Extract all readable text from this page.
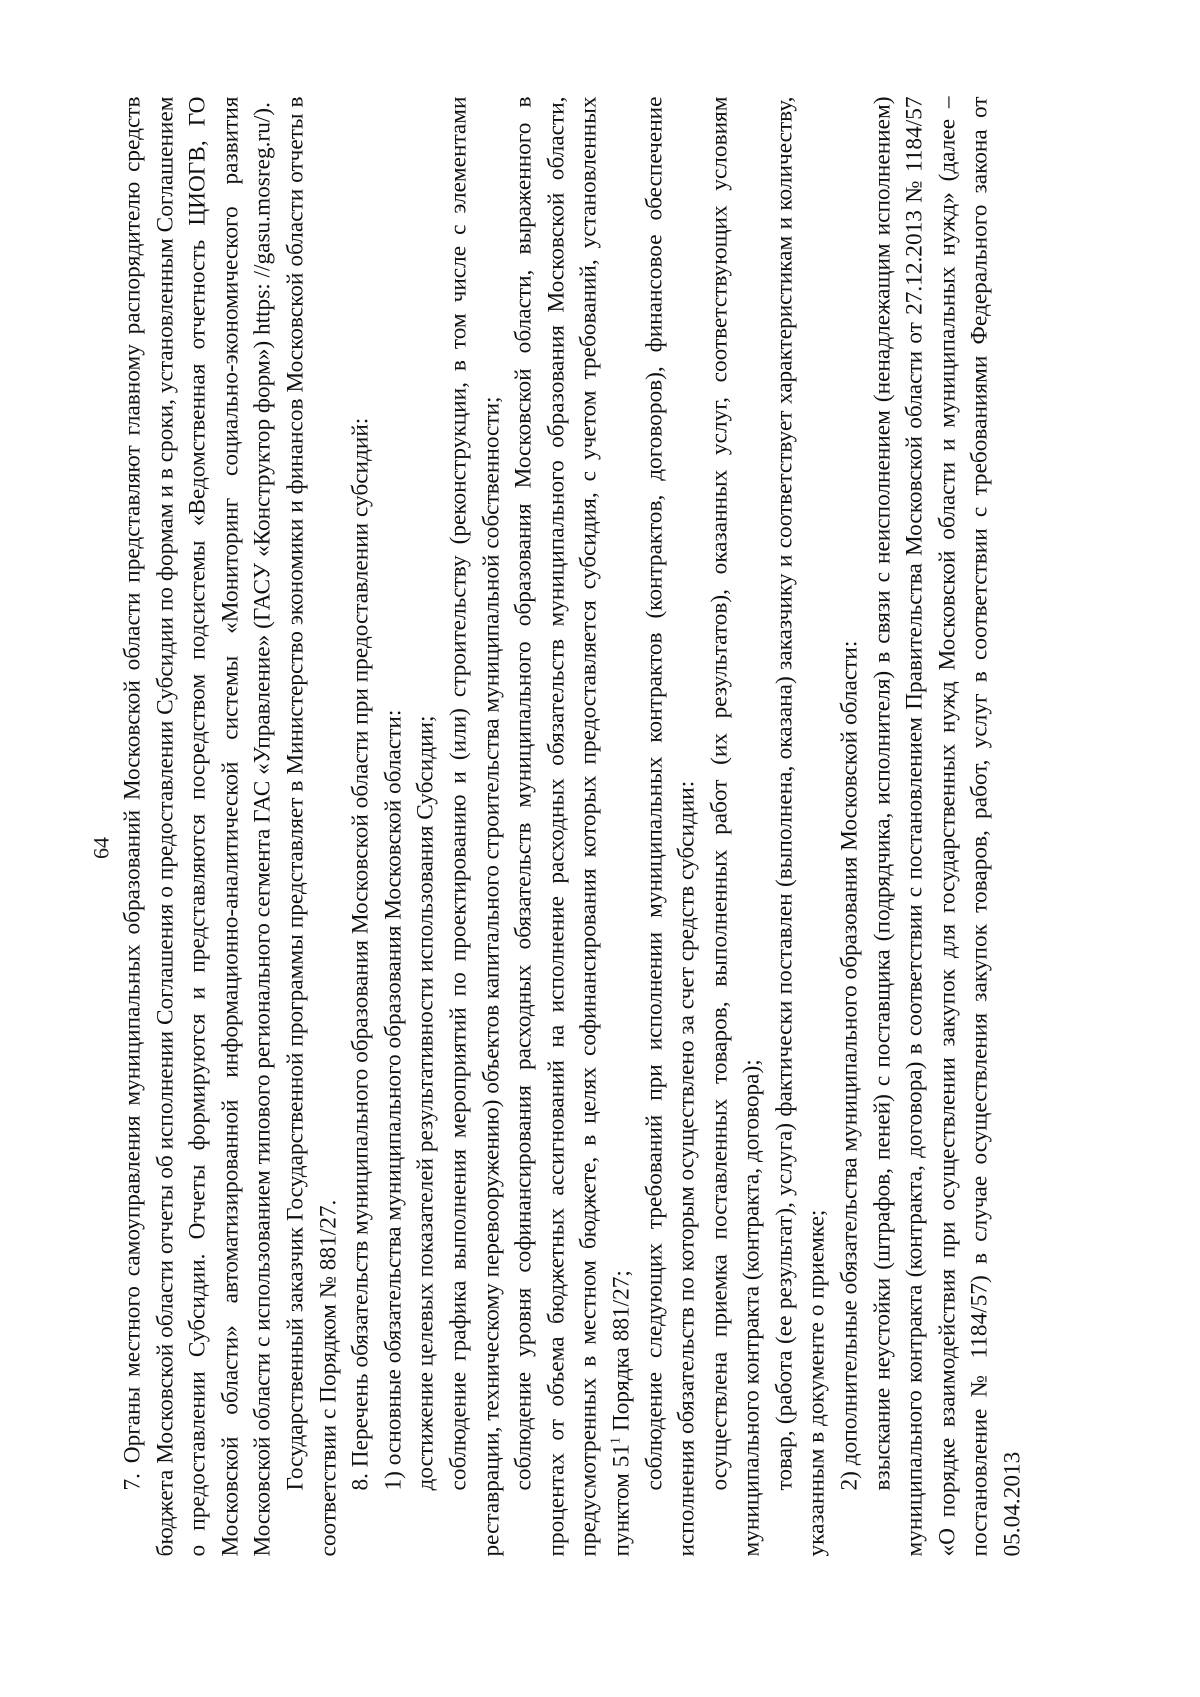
64 7. Органы местного самоуправления муниципальных образований Московской области представляют главному распорядителю средств бюджета Московской области отчеты об исполнении Соглашения о предоставлении Субсидии по формам и в сроки, установленным Соглашением о предоставлении Субсидии. Отчеты формируются и представляются посредством подсистемы «Ведомственная отчетность ЦИОГВ, ГО Московской области» автоматизированной информационно-аналитической системы «Мониторинг социально-экономического развития Московской области с использованием типового регионального сегмента ГАС «Управление» (ГАСУ «Конструктор форм») https: //gasu.mosreg.ru/). Государственный заказчик Государственной программы представляет в Министерство экономики и финансов Московской области отчеты в соответствии с Порядком № 881/27. 8. Перечень обязательств муниципального образования Московской области при предоставлении субсидий: 1) основные обязательства муниципального образования Московской области: достижение целевых показателей результативности использования Субсидии; соблюдение графика выполнения мероприятий по проектированию и (или) строительству (реконструкции, в том числе с элементами реставрации, техническому перевооружению) объектов капитального строительства муниципальной собственности; соблюдение уровня софинансирования расходных обязательств муниципального образования Московской области, выраженного в процентах от объема бюджетных ассигнований на исполнение расходных обязательств муниципального образования Московской области, предусмотренных в местном бюджете, в целях софинансирования которых предоставляется субсидия, с учетом требований, установленных пунктом $51^1$ Порядка 881/27; соблюдение следующих требований при исполнении муниципальных контрактов (контрактов, договоров), финансовое обеспечение исполнения обязательств по которым осуществлено за счет средств субсидии: осуществлена приемка поставленных товаров, выполненных работ (их результатов), оказанных услуг, соответствующих условиям муниципального контракта (контракта, договора); товар, (работа (ее результат), услуга) фактически поставлен (выполнена, оказана) заказчику и соответствует характеристикам и количеству, указанным в документе о приемке; 2) дополнительные обязательства муниципального образования Московской области: взыскание неустойки (штрафов, пеней) с поставщика (подрядчика, исполнителя) в связи с неисполнением (ненадлежащим исполнением) муниципального контракта (контракта, договора) в соответствии с постановлением Правительства Московской области от 27.12.2013 № 1184/57 «О порядке взаимодействия при осуществлении закупок для государственных нужд Московской области и муниципальных нужд» (далее – постановление № 1184/57) в случае осуществления закупок товаров, работ, услуг в соответствии с требованиями Федерального закона от 05.04.2013
